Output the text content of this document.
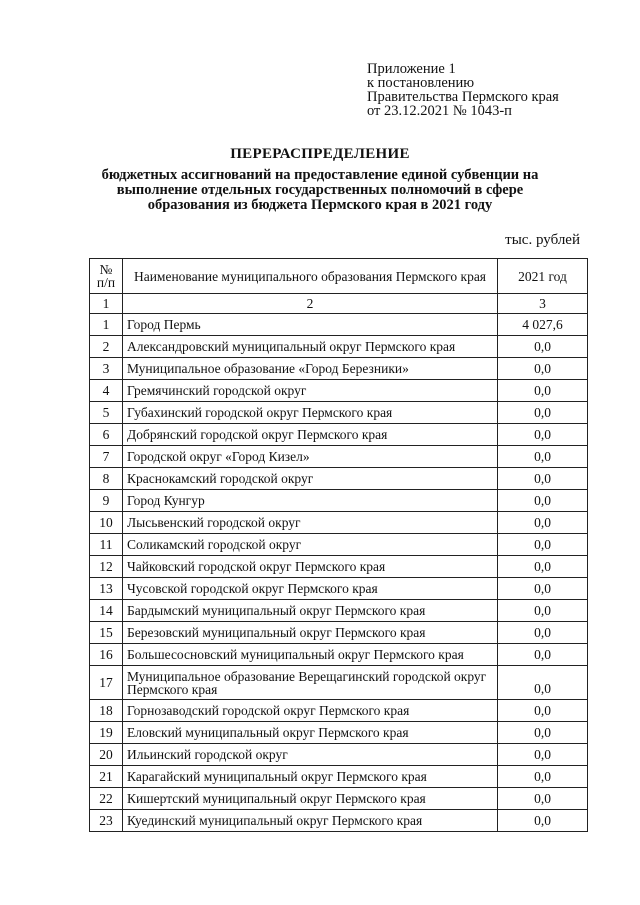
Приложение 1
к постановлению
Правительства Пермского края
от 23.12.2021 № 1043-п
ПЕРЕРАСПРЕДЕЛЕНИЕ
бюджетных ассигнований на предоставление единой субвенции на выполнение отдельных государственных полномочий в сфере образования из бюджета Пермского края в 2021 году
тыс. рублей
№ п/п	Наименование муниципального образования Пермского края	2021 год
1	2	3
1	Город Пермь	4 027,6
2	Александровский муниципальный округ Пермского края	0,0
3	Муниципальное образование «Город Березники»	0,0
4	Гремячинский городской округ	0,0
5	Губахинский городской округ Пермского края	0,0
6	Добрянский городской округ Пермского края	0,0
7	Городской округ «Город Кизел»	0,0
8	Краснокамский городской округ	0,0
9	Город Кунгур	0,0
10	Лысьвенский городской округ	0,0
11	Соликамский городской округ	0,0
12	Чайковский городской округ Пермского края	0,0
13	Чусовской городской округ Пермского края	0,0
14	Бардымский муниципальный округ Пермского края	0,0
15	Березовский муниципальный округ Пермского края	0,0
16	Большесосновский муниципальный округ Пермского края	0,0
17	Муниципальное образование Верещагинский городской округ Пермского края	0,0
18	Горнозаводский городской округ Пермского края	0,0
19	Еловский муниципальный округ Пермского края	0,0
20	Ильинский городской округ	0,0
21	Карагайский муниципальный округ Пермского края	0,0
22	Кишертский муниципальный округ Пермского края	0,0
23	Куединский муниципальный округ Пермского края	0,0
